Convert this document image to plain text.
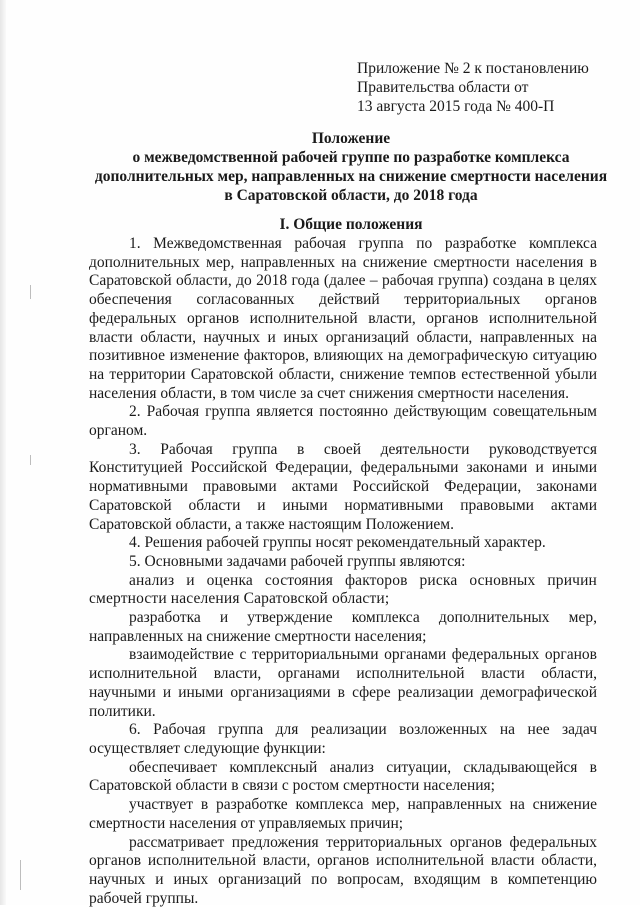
Приложение № 2 к постановлению
Правительства области от
13 августа 2015 года № 400-П
Положение
о межведомственной рабочей группе по разработке комплекса
дополнительных мер, направленных на снижение смертности населения
в Саратовской области, до 2018 года
I. Общие положения

1. Межведомственная рабочая группа по разработке комплекса дополнительных мер, направленных на снижение смертности населения в Саратовской области, до 2018 года (далее – рабочая группа) создана в целях обеспечения согласованных действий территориальных органов федеральных органов исполнительной власти, органов исполнительной власти области, научных и иных организаций области, направленных на позитивное изменение факторов, влияющих на демографическую ситуацию на территории Саратовской области, снижение темпов естественной убыли населения области, в том числе за счет снижения смертности населения.

2. Рабочая группа является постоянно действующим совещательным органом.

3. Рабочая группа в своей деятельности руководствуется Конституцией Российской Федерации, федеральными законами и иными нормативными правовыми актами Российской Федерации, законами Саратовской области и иными нормативными правовыми актами Саратовской области, а также настоящим Положением.

4. Решения рабочей группы носят рекомендательный характер.

5. Основными задачами рабочей группы являются:

анализ и оценка состояния факторов риска основных причин смертности населения Саратовской области;

разработка и утверждение комплекса дополнительных мер, направленных на снижение смертности населения;

взаимодействие с территориальными органами федеральных органов исполнительной власти, органами исполнительной власти области, научными и иными организациями в сфере реализации демографической политики.

6. Рабочая группа для реализации возложенных на нее задач осуществляет следующие функции:

обеспечивает комплексный анализ ситуации, складывающейся в Саратовской области в связи с ростом смертности населения;

участвует в разработке комплекса мер, направленных на снижение смертности населения от управляемых причин;

рассматривает предложения территориальных органов федеральных органов исполнительной власти, органов исполнительной власти области, научных и иных организаций по вопросам, входящим в компетенцию рабочей группы.
